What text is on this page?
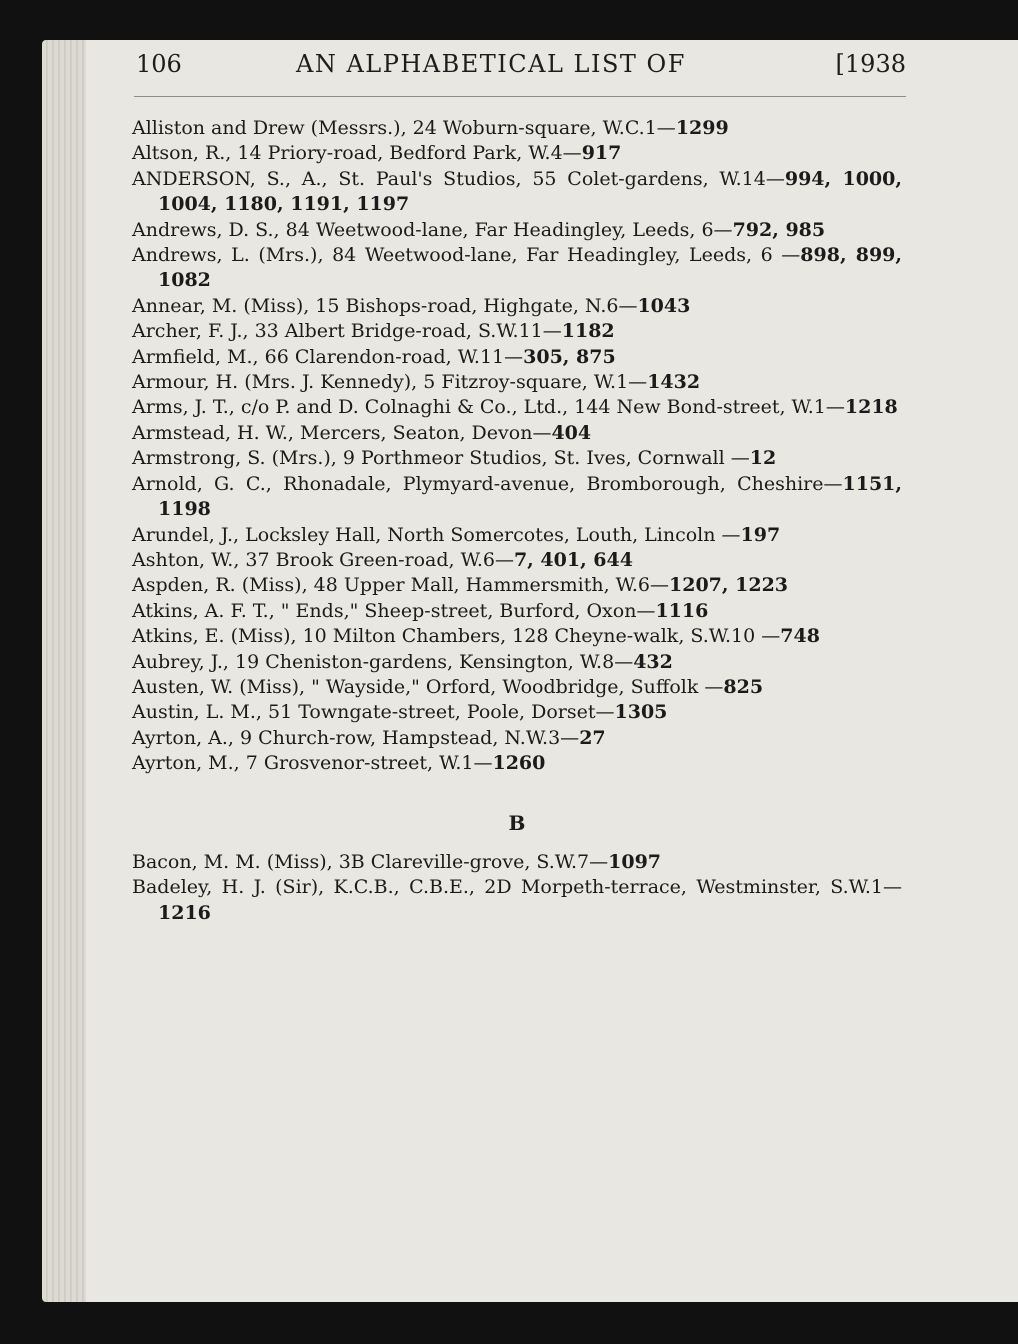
106	AN ALPHABETICAL LIST OF	[1938
Alliston and Drew (Messrs.), 24 Woburn-square, W.C.1—1299
Altson, R., 14 Priory-road, Bedford Park, W.4—917
ANDERSON, S., A., St. Paul's Studios, 55 Colet-gardens, W.14—994, 1000, 1004, 1180, 1191, 1197
Andrews, D. S., 84 Weetwood-lane, Far Headingley, Leeds, 6—792, 985
Andrews, L. (Mrs.), 84 Weetwood-lane, Far Headingley, Leeds, 6 —898, 899, 1082
Annear, M. (Miss), 15 Bishops-road, Highgate, N.6—1043
Archer, F. J., 33 Albert Bridge-road, S.W.11—1182
Armfield, M., 66 Clarendon-road, W.11—305, 875
Armour, H. (Mrs. J. Kennedy), 5 Fitzroy-square, W.1—1432
Arms, J. T., c/o P. and D. Colnaghi & Co., Ltd., 144 New Bond-street, W.1—1218
Armstead, H. W., Mercers, Seaton, Devon—404
Armstrong, S. (Mrs.), 9 Porthmeor Studios, St. Ives, Cornwall —12
Arnold, G. C., Rhonadale, Plymyard-avenue, Bromborough, Cheshire—1151, 1198
Arundel, J., Locksley Hall, North Somercotes, Louth, Lincoln —197
Ashton, W., 37 Brook Green-road, W.6—7, 401, 644
Aspden, R. (Miss), 48 Upper Mall, Hammersmith, W.6—1207, 1223
Atkins, A. F. T., " Ends," Sheep-street, Burford, Oxon—1116
Atkins, E. (Miss), 10 Milton Chambers, 128 Cheyne-walk, S.W.10 —748
Aubrey, J., 19 Cheniston-gardens, Kensington, W.8—432
Austen, W. (Miss), " Wayside," Orford, Woodbridge, Suffolk —825
Austin, L. M., 51 Towngate-street, Poole, Dorset—1305
Ayrton, A., 9 Church-row, Hampstead, N.W.3—27
Ayrton, M., 7 Grosvenor-street, W.1—1260
B
Bacon, M. M. (Miss), 3B Clareville-grove, S.W.7—1097
Badeley, H. J. (Sir), K.C.B., C.B.E., 2D Morpeth-terrace, Westminster, S.W.1—1216
